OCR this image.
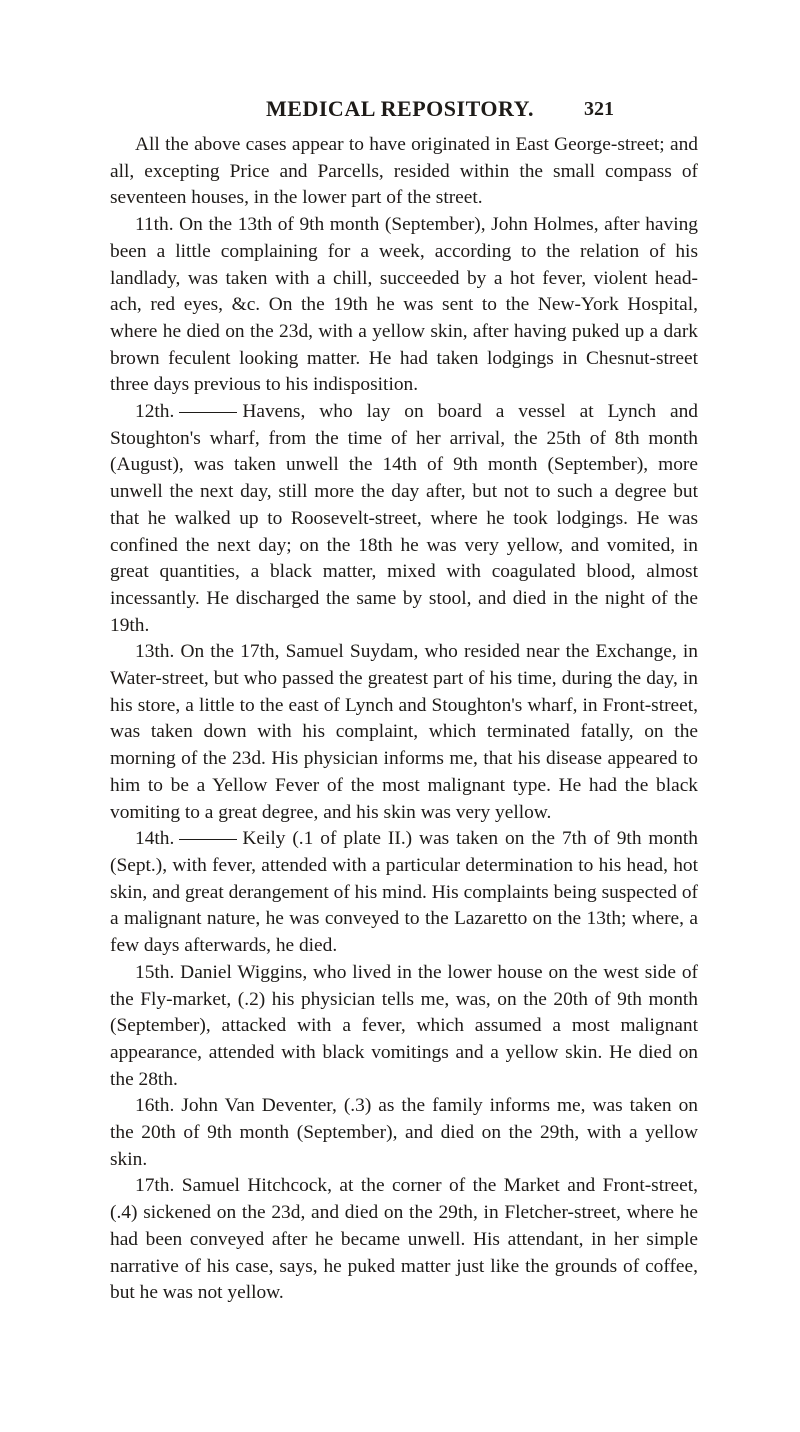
MEDICAL REPOSITORY.	321

All the above cases appear to have originated in East George-street; and all, excepting Price and Parcells, resided within the small compass of seventeen houses, in the lower part of the street.

11th. On the 13th of 9th month (September), John Holmes, after having been a little complaining for a week, according to the relation of his landlady, was taken with a chill, succeeded by a hot fever, violent head-ach, red eyes, &c. On the 19th he was sent to the New-York Hospital, where he died on the 23d, with a yellow skin, after having puked up a dark brown feculent looking matter. He had taken lodgings in Chesnut-street three days previous to his indisposition.

12th.	Havens, who lay on board a vessel at Lynch and Stoughton's wharf, from the time of her arrival, the 25th of 8th month (August), was taken unwell the 14th of 9th month (September), more unwell the next day, still more the day after, but not to such a degree but that he walked up to Roosevelt-street, where he took lodgings. He was confined the next day; on the 18th he was very yellow, and vomited, in great quantities, a black matter, mixed with coagulated blood, almost incessantly. He discharged the same by stool, and died in the night of the 19th.

13th. On the 17th, Samuel Suydam, who resided near the Exchange, in Water-street, but who passed the greatest part of his time, during the day, in his store, a little to the east of Lynch and Stoughton's wharf, in Front-street, was taken down with his complaint, which terminated fatally, on the morning of the 23d. His physician informs me, that his disease appeared to him to be a Yellow Fever of the most malignant type. He had the black vomiting to a great degree, and his skin was very yellow.

14th.	Keily (.1 of plate II.) was taken on the 7th of 9th month (Sept.), with fever, attended with a particular determination to his head, hot skin, and great derangement of his mind. His complaints being suspected of a malignant nature, he was conveyed to the Lazaretto on the 13th; where, a few days afterwards, he died.

15th. Daniel Wiggins, who lived in the lower house on the west side of the Fly-market, (.2) his physician tells me, was, on the 20th of 9th month (September), attacked with a fever, which assumed a most malignant appearance, attended with black vomitings and a yellow skin. He died on the 28th.

16th. John Van Deventer, (.3) as the family informs me, was taken on the 20th of 9th month (September), and died on the 29th, with a yellow skin.

17th. Samuel Hitchcock, at the corner of the Market and Front-street, (.4) sickened on the 23d, and died on the 29th, in Fletcher-street, where he had been conveyed after he became unwell. His attendant, in her simple narrative of his case, says, he puked matter just like the grounds of coffee, but he was not yellow.
